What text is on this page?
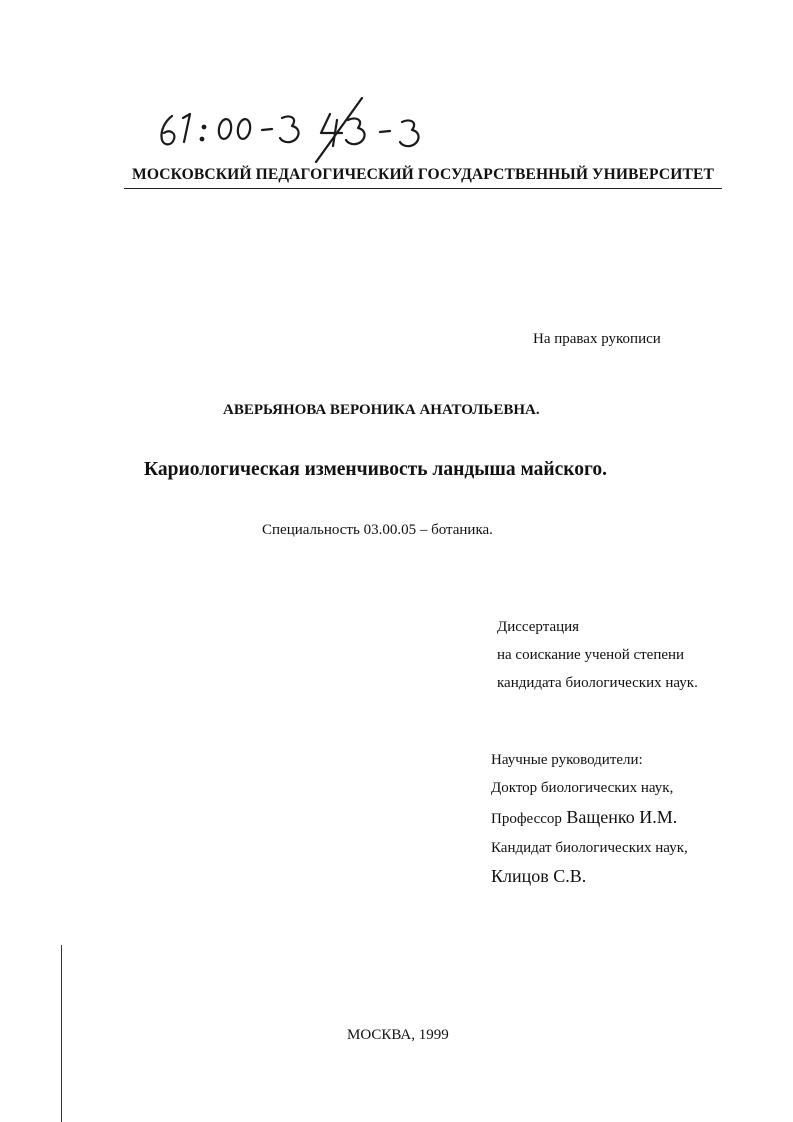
МОСКОВСКИЙ ПЕДАГОГИЧЕСКИЙ ГОСУДАРСТВЕННЫЙ УНИВЕРСИТЕТ
На правах рукописи
АВЕРЬЯНОВА ВЕРОНИКА АНАТОЛЬЕВНА.
Кариологическая изменчивость ландыша майского.
Специальность 03.00.05 – ботаника.
Диссертация
на соискание ученой степени
кандидата биологических наук.
Научные руководители:
Доктор биологических наук,
Профессор Ващенко И.М.
Кандидат биологических наук,
Клицов С.В.
МОСКВА, 1999
